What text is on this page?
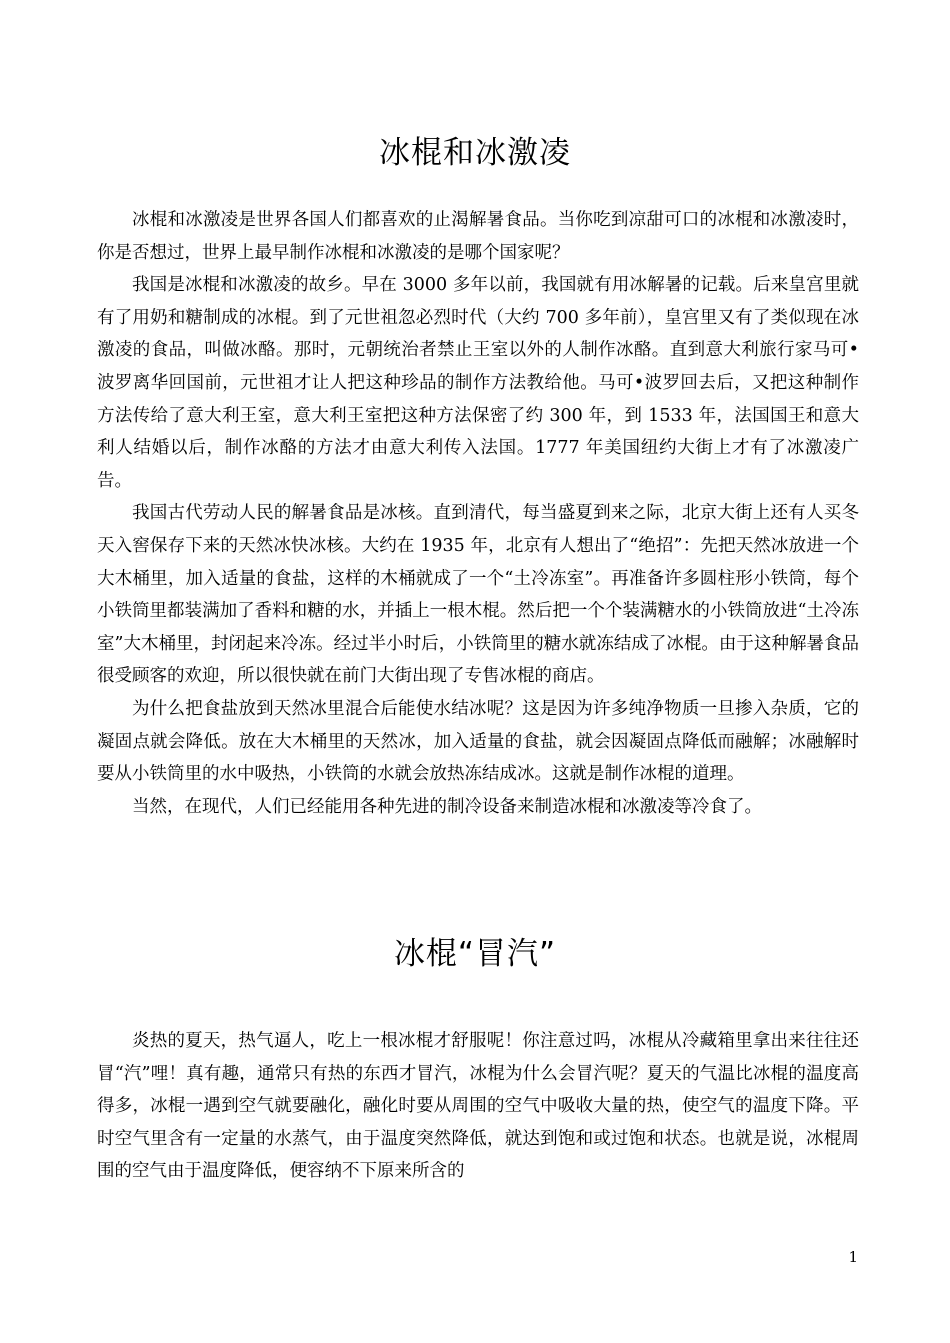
冰棍和冰激凌

冰棍和冰激凌是世界各国人们都喜欢的止渴解暑食品。当你吃到凉甜可口的冰棍和冰激凌时，你是否想过，世界上最早制作冰棍和冰激凌的是哪个国家呢？

我国是冰棍和冰激凌的故乡。早在 3000 多年以前，我国就有用冰解暑的记载。后来皇宫里就有了用奶和糖制成的冰棍。到了元世祖忽必烈时代（大约 700 多年前），皇宫里又有了类似现在冰激凌的食品，叫做冰酪。那时，元朝统治者禁止王室以外的人制作冰酪。直到意大利旅行家马可•波罗离华回国前，元世祖才让人把这种珍品的制作方法教给他。马可•波罗回去后，又把这种制作方法传给了意大利王室，意大利王室把这种方法保密了约 300 年，到 1533 年，法国国王和意大利人结婚以后，制作冰酪的方法才由意大利传入法国。1777 年美国纽约大街上才有了冰激凌广告。

我国古代劳动人民的解暑食品是冰核。直到清代，每当盛夏到来之际，北京大街上还有人买冬天入窖保存下来的天然冰快冰核。大约在 1935 年，北京有人想出了“绝招”：先把天然冰放进一个大木桶里，加入适量的食盐，这样的木桶就成了一个“土冷冻室”。再准备许多圆柱形小铁筒，每个小铁筒里都装满加了香料和糖的水，并插上一根木棍。然后把一个个装满糖水的小铁筒放进“土冷冻室”大木桶里，封闭起来冷冻。经过半小时后，小铁筒里的糖水就冻结成了冰棍。由于这种解暑食品很受顾客的欢迎，所以很快就在前门大街出现了专售冰棍的商店。

为什么把食盐放到天然冰里混合后能使水结冰呢？这是因为许多纯净物质一旦掺入杂质，它的凝固点就会降低。放在大木桶里的天然冰，加入适量的食盐，就会因凝固点降低而融解；冰融解时要从小铁筒里的水中吸热，小铁筒的水就会放热冻结成冰。这就是制作冰棍的道理。

当然，在现代，人们已经能用各种先进的制冷设备来制造冰棍和冰激凌等冷食了。

冰棍“冒汽”

炎热的夏天，热气逼人，吃上一根冰棍才舒服呢！你注意过吗，冰棍从冷藏箱里拿出来往往还冒“汽”哩！真有趣，通常只有热的东西才冒汽，冰棍为什么会冒汽呢？夏天的气温比冰棍的温度高得多，冰棍一遇到空气就要融化，融化时要从周围的空气中吸收大量的热，使空气的温度下降。平时空气里含有一定量的水蒸气，由于温度突然降低，就达到饱和或过饱和状态。也就是说，冰棍周围的空气由于温度降低，便容纳不下原来所含的

1
